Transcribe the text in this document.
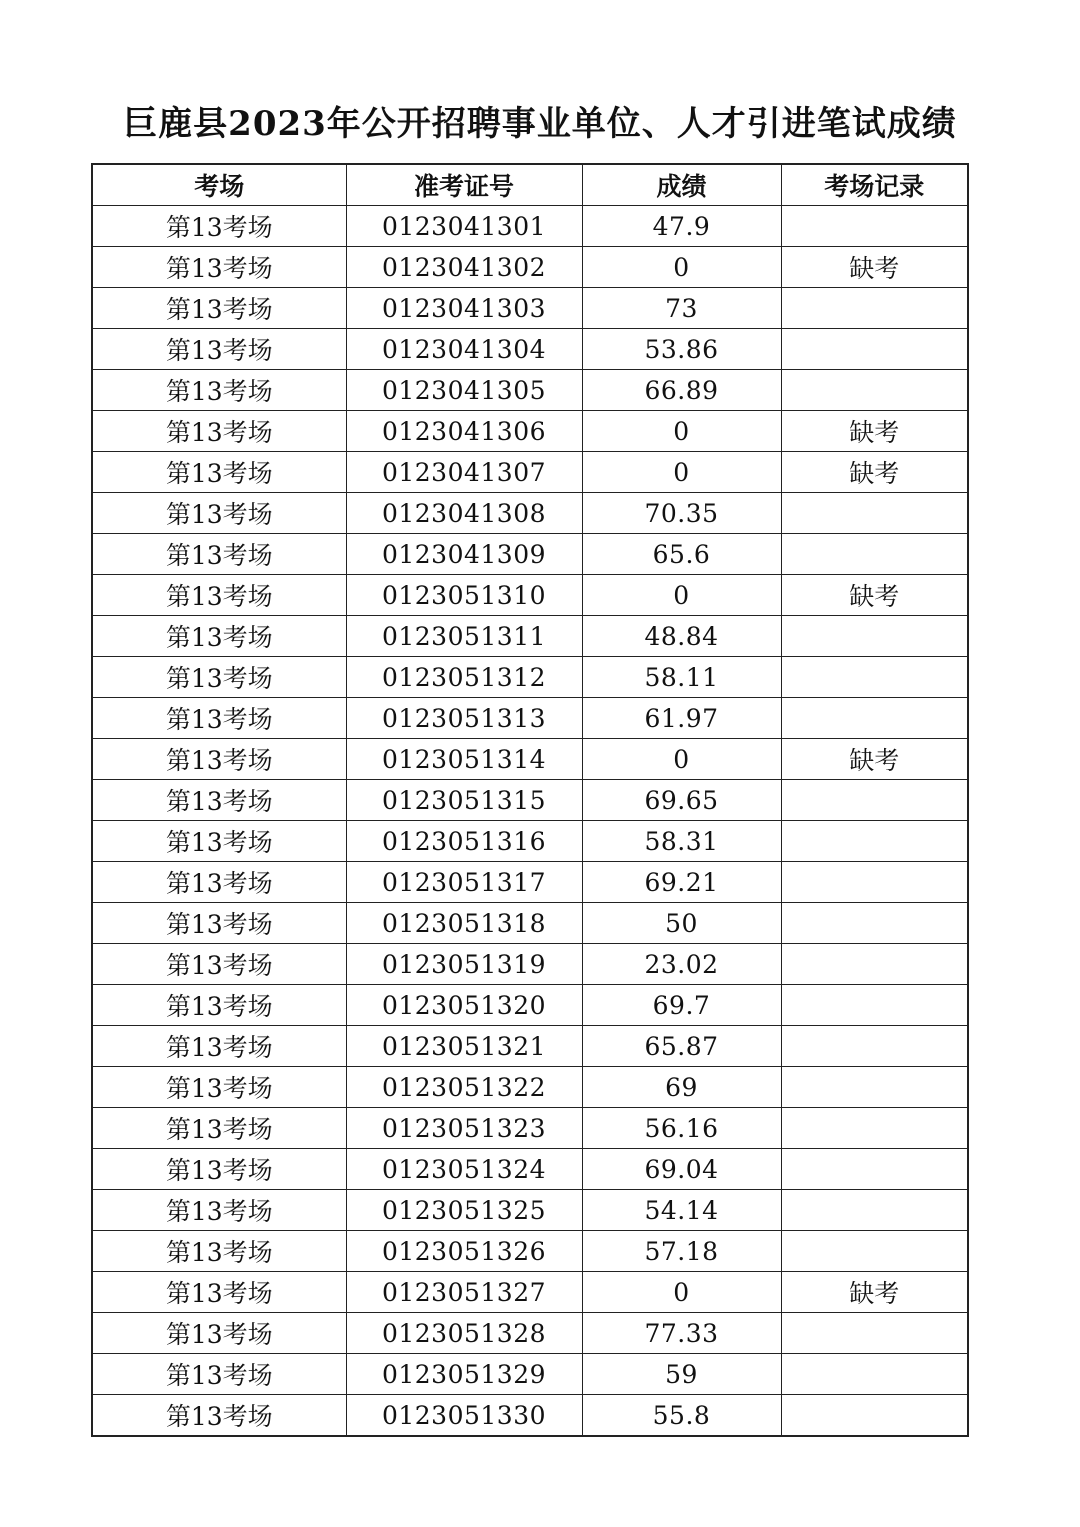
巨鹿县2023年公开招聘事业单位、人才引进笔试成绩
考场	准考证号	成绩	考场记录
第13考场	0123041301	47.9	
第13考场	0123041302	0	缺考
第13考场	0123041303	73	
第13考场	0123041304	53.86	
第13考场	0123041305	66.89	
第13考场	0123041306	0	缺考
第13考场	0123041307	0	缺考
第13考场	0123041308	70.35	
第13考场	0123041309	65.6	
第13考场	0123051310	0	缺考
第13考场	0123051311	48.84	
第13考场	0123051312	58.11	
第13考场	0123051313	61.97	
第13考场	0123051314	0	缺考
第13考场	0123051315	69.65	
第13考场	0123051316	58.31	
第13考场	0123051317	69.21	
第13考场	0123051318	50	
第13考场	0123051319	23.02	
第13考场	0123051320	69.7	
第13考场	0123051321	65.87	
第13考场	0123051322	69	
第13考场	0123051323	56.16	
第13考场	0123051324	69.04	
第13考场	0123051325	54.14	
第13考场	0123051326	57.18	
第13考场	0123051327	0	缺考
第13考场	0123051328	77.33	
第13考场	0123051329	59	
第13考场	0123051330	55.8	
